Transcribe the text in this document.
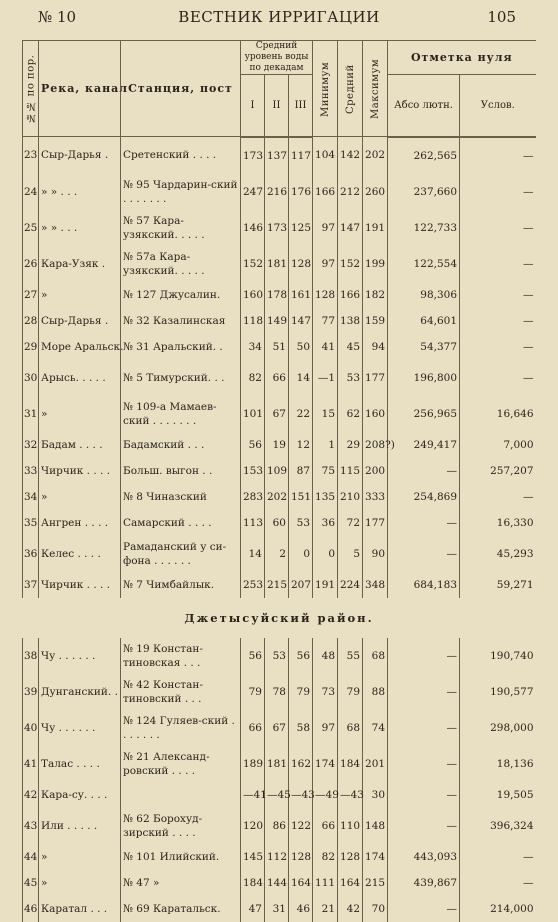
№ 10	ВЕСТНИК ИРРИГАЦИИ	105
№№ по пор.	Река, канал	Станция, пост	Средний уровень воды по декадам			Минимум	Средний	Максимум	Отметка нуля	
			I	II	III				Абсо лютн.	Услов.
23	Сыр-Дарья .	Сретенский . . . .	173	137	117	104	142	202	262,565	—
24	» » . . .	№ 95 Чардарин-ский . . . . . . .	247	216	176	166	212	260	237,660	—
25	» » . . .	№ 57 Кара-узякский. . . . .	146	173	125	97	147	191	122,733	—
26	Кара-Узяк .	№ 57а Кара-узякский. . . . .	152	181	128	97	152	199	122,554	—
27	»	№ 127 Джусалин.	160	178	161	128	166	182	98,306	—
28	Сыр-Дарья .	№ 32 Казалинская	118	149	147	77	138	159	64,601	—
29	Море Аральск.	№ 31 Аральский. .	34	51	50	41	45	94	54,377	—
30	Арысь. . . . .	№ 5 Тимурский. . .	82	66	14	—1	53	177	196,800	—
31	»	№ 109-а Мамаев-ский . . . . . . .	101	67	22	15	62	160	256,965	16,646
32	Бадам . . . .	Бадамский . . .	56	19	12	1	29	208?)	249,417	7,000
33	Чирчик . . . .	Больш. выгон . .	153	109	87	75	115	200	—	257,207
34	»	№ 8 Чиназский	283	202	151	135	210	333	254,869	—
35	Ангрен . . . .	Самарский . . . .	113	60	53	36	72	177	—	16,330
36	Келес . . . .	Рамаданский у си-фона . . . . . .	14	2	0	0	5	90	—	45,293
37	Чирчик . . . .	№ 7 Чимбайлык.	253	215	207	191	224	348	684,183	59,271
Джетысуйский район.										
38	Чу . . . . . .	№ 19 Констан-тиновская . . .	56	53	56	48	55	68	—	190,740
39	Дунганский. .	№ 42 Констан-тиновский . . .	79	78	79	73	79	88	—	190,577
40	Чу . . . . . .	№ 124 Гуляев-ский . . . . . . .	66	67	58	97	68	74	—	298,000
41	Талас . . . .	№ 21 Александ-ровский . . . .	189	181	162	174	184	201	—	18,136
42	Кара-су. . . .		—41	—45	—43	—49	—43	30	—	19,505
43	Или . . . . .	№ 62 Борохуд-зирский . . . .	120	86	122	66	110	148	—	396,324
44	»	№ 101 Илийский.	145	112	128	82	128	174	443,093	—
45	»	№ 47 »	184	144	164	111	164	215	439,867	—
46	Каратал . . .	№ 69 Каратальск.	47	31	46	21	42	70	—	214,000
